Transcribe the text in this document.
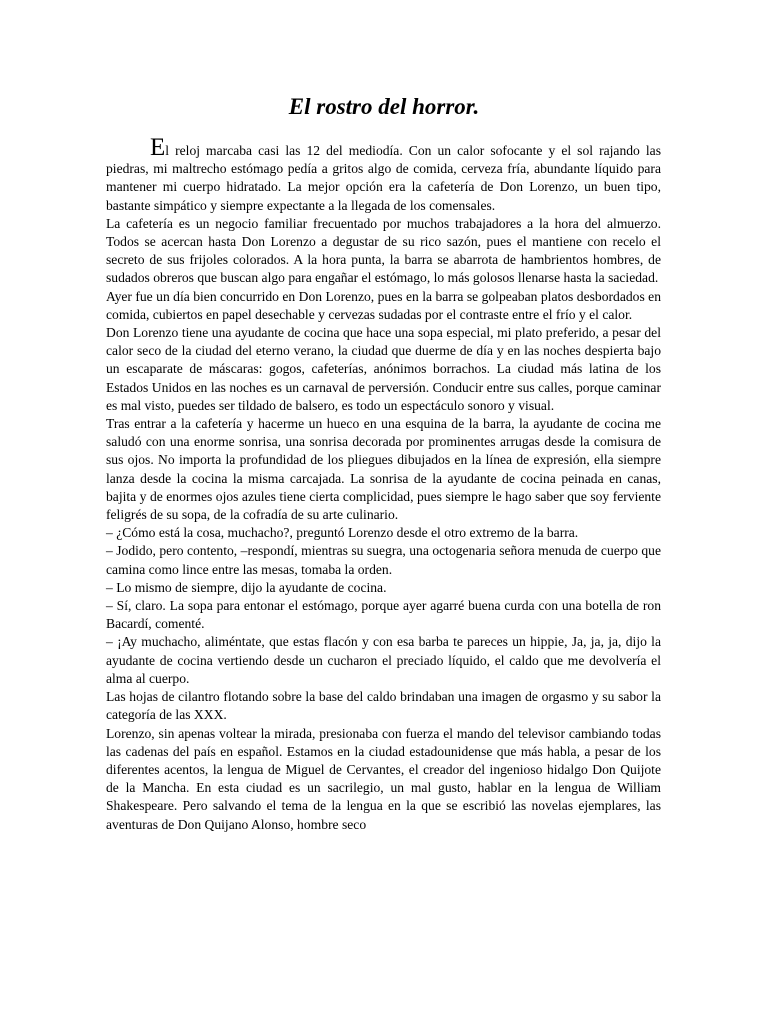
El rostro del horror.

El reloj marcaba casi las 12 del mediodía. Con un calor sofocante y el sol rajando las piedras, mi maltrecho estómago pedía a gritos algo de comida, cerveza fría, abundante líquido para mantener mi cuerpo hidratado. La mejor opción era la cafetería de Don Lorenzo, un buen tipo, bastante simpático y siempre expectante a la llegada de los comensales.

La cafetería es un negocio familiar frecuentado por muchos trabajadores a la hora del almuerzo. Todos se acercan hasta Don Lorenzo a degustar de su rico sazón, pues el mantiene con recelo el secreto de sus frijoles colorados. A la hora punta, la barra se abarrota de hambrientos hombres, de sudados obreros que buscan algo para engañar el estómago, lo más golosos llenarse hasta la saciedad.

Ayer fue un día bien concurrido en Don Lorenzo, pues en la barra se golpeaban platos desbordados en comida, cubiertos en papel desechable y cervezas sudadas por el contraste entre el frío y el calor.

Don Lorenzo tiene una ayudante de cocina que hace una sopa especial, mi plato preferido, a pesar del calor seco de la ciudad del eterno verano, la ciudad que duerme de día y en las noches despierta bajo un escaparate de máscaras: gogos, cafeterías, anónimos borrachos. La ciudad más latina de los Estados Unidos en las noches es un carnaval de perversión. Conducir entre sus calles, porque caminar es mal visto, puedes ser tildado de balsero, es todo un espectáculo sonoro y visual.

Tras entrar a la cafetería y hacerme un hueco en una esquina de la barra, la ayudante de cocina me saludó con una enorme sonrisa, una sonrisa decorada por prominentes arrugas desde la comisura de sus ojos. No importa la profundidad de los pliegues dibujados en la línea de expresión, ella siempre lanza desde la cocina la misma carcajada. La sonrisa de la ayudante de cocina peinada en canas, bajita y de enormes ojos azules tiene cierta complicidad, pues siempre le hago saber que soy ferviente feligrés de su sopa, de la cofradía de su arte culinario.

– ¿Cómo está la cosa, muchacho?, preguntó Lorenzo desde el otro extremo de la barra.

– Jodido, pero contento, –respondí, mientras su suegra, una octogenaria señora menuda de cuerpo que camina como lince entre las mesas, tomaba la orden.

– Lo mismo de siempre, dijo la ayudante de cocina.

– Sí, claro. La sopa para entonar el estómago, porque ayer agarré buena curda con una botella de ron Bacardí, comenté.

– ¡Ay muchacho, aliméntate, que estas flacón y con esa barba te pareces un hippie, Ja, ja, ja, dijo la ayudante de cocina vertiendo desde un cucharon el preciado líquido, el caldo que me devolvería el alma al cuerpo.

Las hojas de cilantro flotando sobre la base del caldo brindaban una imagen de orgasmo y su sabor la categoría de las XXX.

Lorenzo, sin apenas voltear la mirada, presionaba con fuerza el mando del televisor cambiando todas las cadenas del país en español. Estamos en la ciudad estadounidense que más habla, a pesar de los diferentes acentos, la lengua de Miguel de Cervantes, el creador del ingenioso hidalgo Don Quijote de la Mancha. En esta ciudad es un sacrilegio, un mal gusto, hablar en la lengua de William Shakespeare. Pero salvando el tema de la lengua en la que se escribió las novelas ejemplares, las aventuras de Don Quijano Alonso, hombre seco
